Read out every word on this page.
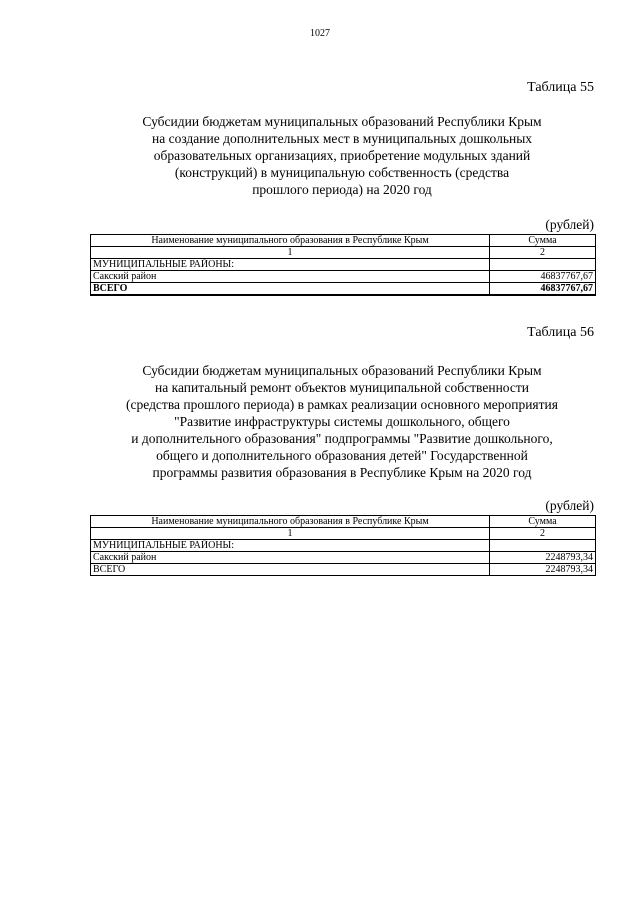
1027
Таблица 55
Субсидии бюджетам муниципальных образований Республики Крым
на создание дополнительных мест в муниципальных дошкольных
образовательных организациях, приобретение модульных зданий
(конструкций) в муниципальную собственность (средства
прошлого периода) на 2020 год
(рублей)
Наименование муниципального образования в Республике Крым	Сумма
1	2
МУНИЦИПАЛЬНЫЕ РАЙОНЫ:	
Сакский район	46837767,67
ВСЕГО	46837767,67
Таблица 56
Субсидии бюджетам муниципальных образований Республики Крым
на капитальный ремонт объектов муниципальной собственности
(средства прошлого периода) в рамках реализации основного мероприятия
"Развитие инфраструктуры системы дошкольного, общего
и дополнительного образования" подпрограммы "Развитие дошкольного,
общего и дополнительного образования детей" Государственной
программы развития образования в Республике Крым на 2020 год
(рублей)
Наименование муниципального образования в Республике Крым	Сумма
1	2
МУНИЦИПАЛЬНЫЕ РАЙОНЫ:	
Сакский район	2248793,34
ВСЕГО	2248793,34
